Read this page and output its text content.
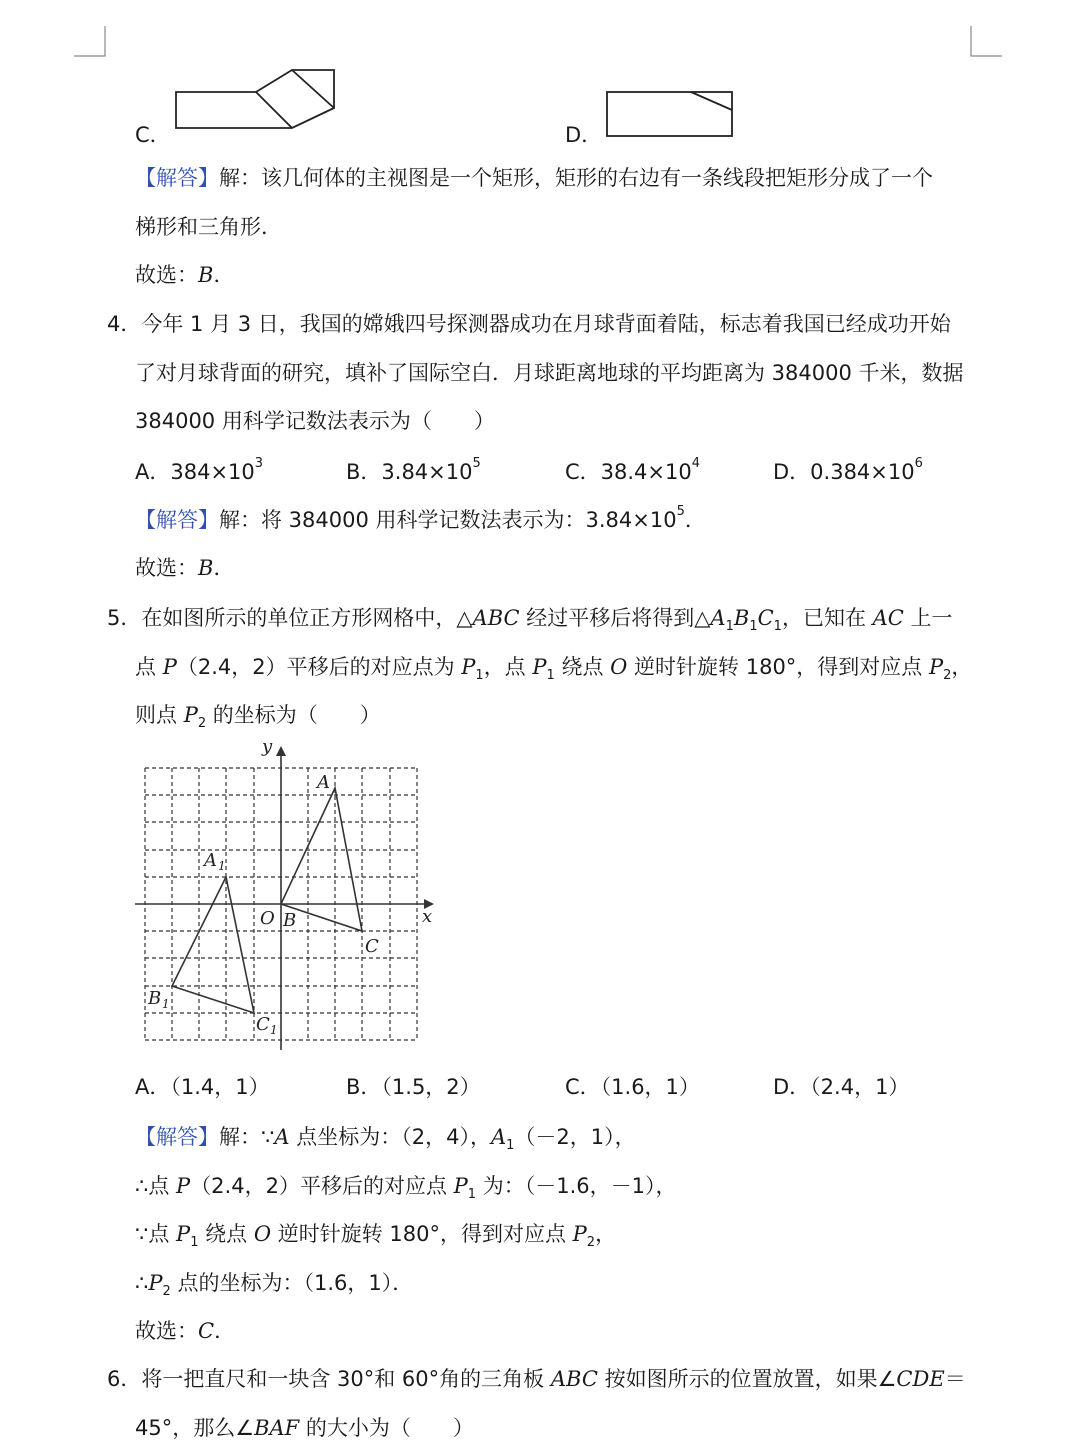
C．	D．
【解答】解：该几何体的主视图是一个矩形，矩形的右边有一条线段把矩形分成了一个
梯形和三角形．
故选：B．
4．今年 1 月 3 日，我国的嫦娥四号探测器成功在月球背面着陆，标志着我国已经成功开始
了对月球背面的研究，填补了国际空白．月球距离地球的平均距离为 384000 千米，数据
384000 用科学记数法表示为（　　）
A．$384\times 10^3$	B．$3.84\times 10^5$	C．$38.4\times 10^4$	D．$0.384\times 10^6$
【解答】解：将 384000 用科学记数法表示为：$3.84\times 10^5$．
故选：B．
5．在如图所示的单位正方形网格中，△ABC 经过平移后将得到$\triangle A_1B_1C_1$，已知在 AC 上一
点 P（2.4，2）平移后的对应点为 $P_1$，点 $P_1$ 绕点 O 逆时针旋转 180°，得到对应点 $P_2$，
则点 $P_2$ 的坐标为（　　）
y
x
O
A
B
C
A 1
B 1
C 1
A．（1.4，1）	B．（1.5，2）	C．（1.6，1）	D．（2.4，1）
【解答】解：∵A 点坐标为：（2，4），$A_1(-2$，1），
∴点 P（2.4，2）平移后的对应点 $P_1$ 为：（－1.6，－1），
∵点 $P_1$ 绕点 O 逆时针旋转 180°，得到对应点 $P_2$，
$\therefore P_2$ 点的坐标为：（1.6，1）．
故选：C．
6．将一把直尺和一块含 30°和 60°角的三角板 ABC 按如图所示的位置放置，如果∠CDE＝
45°，那么∠BAF 的大小为（　　）
